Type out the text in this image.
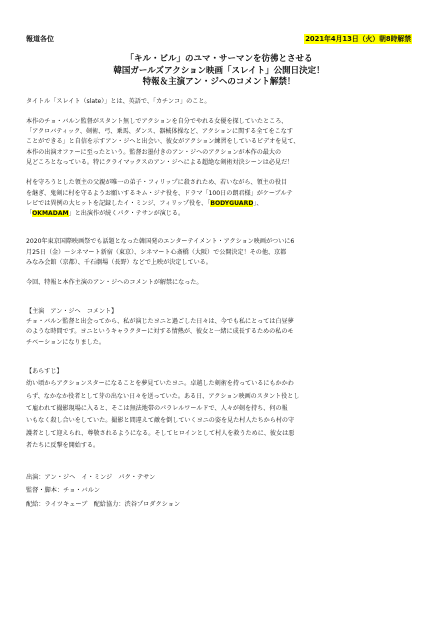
報道各位	2021年4月13日（火）朝8時解禁
「キル・ビル」のユマ・サーマンを彷彿とさせる
韓国ガールズアクション映画「スレイト」公開日決定！
特報＆主演アン・ジヘのコメント解禁！
タイトル「スレイト（slate）」とは、英語で、「カチンコ」のこと。
本作のチョ・バルン監督がスタント無しでアクションを自分でやれる女優を探していたところ、
「アクロバティック、剣術、弓、乗馬、ダンス、器械体操など、アクションに関する全てをこなす
ことができる」と自信を示すアン・ジヘと出会い、彼女がアクション練習をしているビデオを見て、
本作の出演オファーに至ったという。監督お墨付きのアン・ジヘのアクションが本作の最大の
見どころとなっている。特にクライマックスのアン・ジヘによる超絶な剣術対決シーンは必見だ！
村を守ろうとした領主の父親が唯一の弟子・フィリップに殺されため、若いながら、領主の役目
を継ぎ、鬼剣に村を守るようお願いするキム・ジナ役を、ドラマ「100日の朗君様」がケーブルテ
レビでは異例の大ヒットを記録したイ・ミンジ、フィリップ役を、「BODYGUARD」、
「OKMADAM」と出演作が続くパク・テサンが演じる。
2020年東京国際映画祭でも話題となった韓国発のエンターテイメント・アクション映画がついに6
月25日（金）～シネマート新宿（東京）、シネマート心斎橋（大阪）で公開決定！その他、京都
みなみ会館（京都）、千石劇場（長野）などで上映が決定している。
今回、特報と本作主演のアン・ジヘのコメントが解禁になった。
【主演　アン・ジヘ　コメント】
チョ・バルン監督と出会ってから、私が演じたヨニと過ごした日々は、今でも私にとっては白昼夢
のような時間です。ヨニというキャラクターに対する情熱が、彼女と一緒に成長するための私のモ
チベーションになりました。
【あらすじ】
幼い頃からアクションスターになることを夢見ていたヨニ。卓越した剣術を持っているにもかかわ
らず、なかなか役者として芽の出ない日々を送っていた。ある日、アクション映画のスタント役とし
て雇われて撮影現場に入ると、そこは無法地帯のパラレルワールドで、人々が剣を持ち、何の報
いもなく殺し合いをしていた。撮影と間違えて敵を倒していくヨニの姿を見た村人たちから村の守
護者として迎えられ、尊敬されるようになる。そしてヒロインとして村人を救うために、彼女は悪
者たちに反撃を開始する。
出演：アン・ジヘ　イ・ミンジ　パク・テサン
監督・脚本：チョ・バルン
配給：ライツキューブ　配給協力：渋谷プロダクション
